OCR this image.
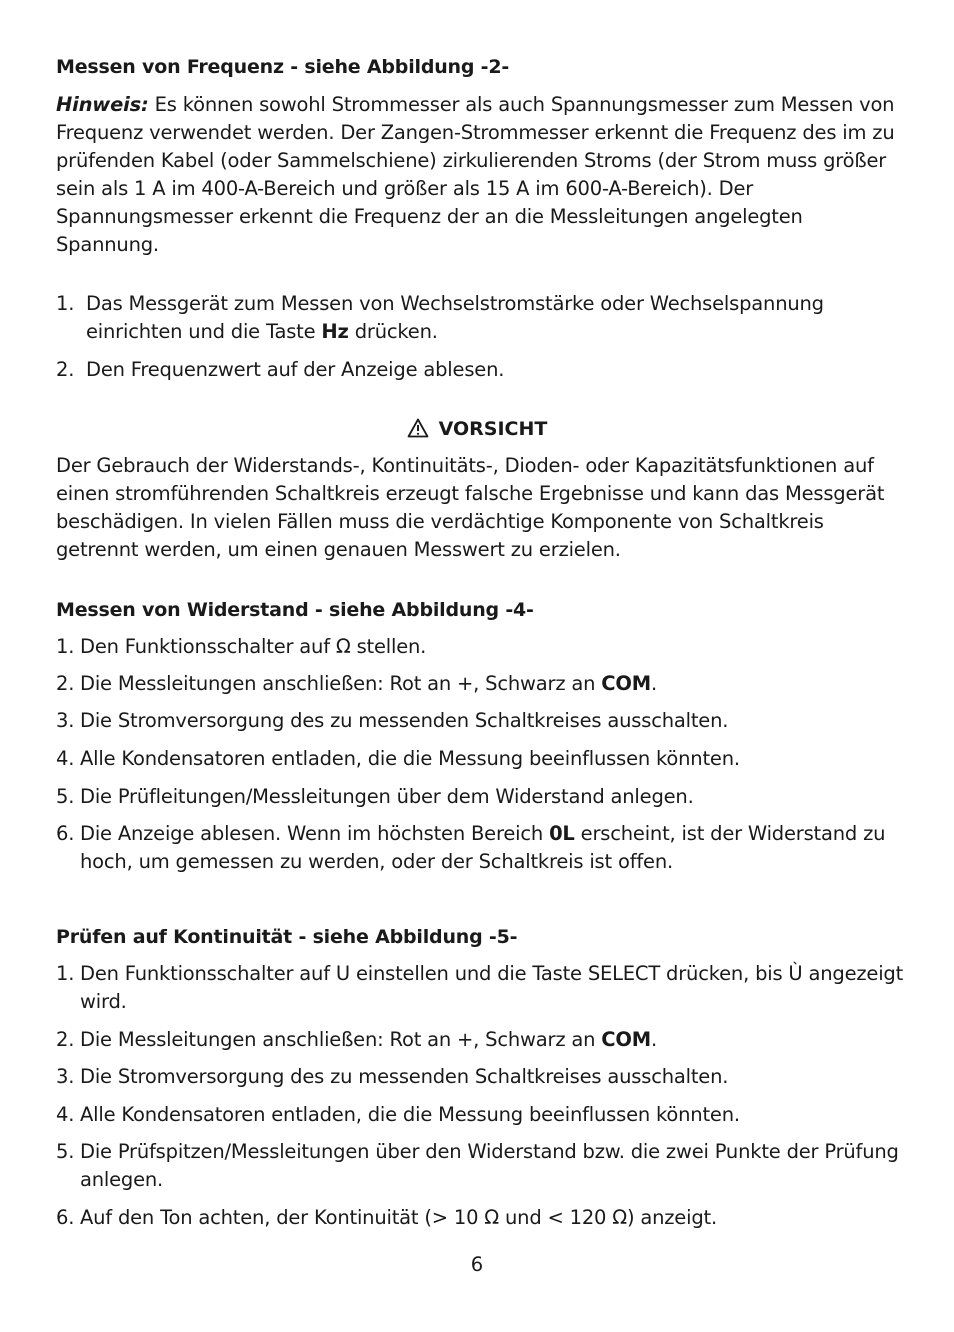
Messen von Frequenz - siehe Abbildung -2-
Hinweis: Es können sowohl Strommesser als auch Spannungsmesser zum Messen von Frequenz verwendet werden. Der Zangen-Strommesser erkennt die Frequenz des im zu prüfenden Kabel (oder Sammelschiene) zirkulierenden Stroms (der Strom muss größer sein als 1 A im 400-A-Bereich und größer als 15 A im 600-A-Bereich). Der Spannungsmesser erkennt die Frequenz der an die Messleitungen angelegten Spannung.
1. Das Messgerät zum Messen von Wechselstromstärke oder Wechselspannung einrichten und die Taste Hz drücken.
2. Den Frequenzwert auf der Anzeige ablesen.
VORSICHT
Der Gebrauch der Widerstands-, Kontinuitäts-, Dioden- oder Kapazitätsfunktionen auf einen stromführenden Schaltkreis erzeugt falsche Ergebnisse und kann das Messgerät beschädigen. In vielen Fällen muss die verdächtige Komponente von Schaltkreis getrennt werden, um einen genauen Messwert zu erzielen.
Messen von Widerstand - siehe Abbildung -4-
1. Den Funktionsschalter auf Ω stellen.
2. Die Messleitungen anschließen: Rot an +, Schwarz an COM.
3. Die Stromversorgung des zu messenden Schaltkreises ausschalten.
4. Alle Kondensatoren entladen, die die Messung beeinflussen könnten.
5. Die Prüfleitungen/Messleitungen über dem Widerstand anlegen.
6. Die Anzeige ablesen. Wenn im höchsten Bereich 0L erscheint, ist der Widerstand zu hoch, um gemessen zu werden, oder der Schaltkreis ist offen.
Prüfen auf Kontinuität - siehe Abbildung -5-
1. Den Funktionsschalter auf U einstellen und die Taste SELECT drücken, bis Ù angezeigt wird.
2. Die Messleitungen anschließen: Rot an +, Schwarz an COM.
3. Die Stromversorgung des zu messenden Schaltkreises ausschalten.
4. Alle Kondensatoren entladen, die die Messung beeinflussen könnten.
5. Die Prüfspitzen/Messleitungen über den Widerstand bzw. die zwei Punkte der Prüfung anlegen.
6. Auf den Ton achten, der Kontinuität (> 10 Ω und < 120 Ω) anzeigt.
6
